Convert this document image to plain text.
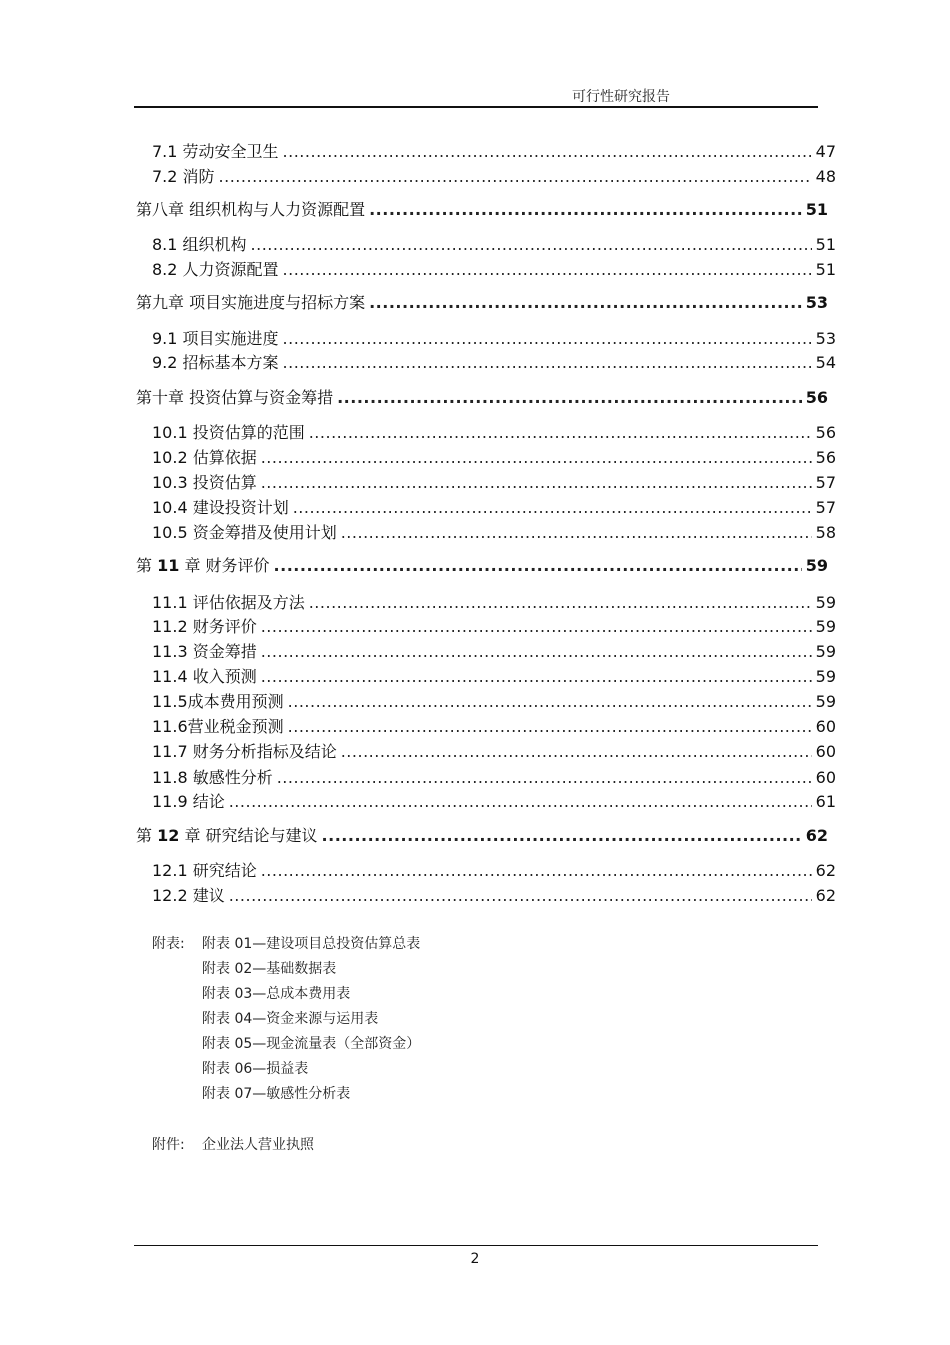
可行性研究报告
7.1 劳动安全卫生 .....	47
7.2 消防 .....	48
第八章 组织机构与人力资源配置 .....	51
8.1 组织机构 .....	51
8.2 人力资源配置 .....	51
第九章 项目实施进度与招标方案 .....	53
9.1 项目实施进度 .....	53
9.2 招标基本方案 .....	54
第十章 投资估算与资金筹措 .....	56
10.1 投资估算的范围 .....	56
10.2 估算依据 .....	56
10.3 投资估算 .....	57
10.4 建设投资计划 .....	57
10.5 资金筹措及使用计划 .....	58
第 11 章 财务评价 .....	59
11.1 评估依据及方法 .....	59
11.2 财务评价 .....	59
11.3 资金筹措 .....	59
11.4 收入预测 .....	59
11.5成本费用预测 .....	59
11.6营业税金预测 .....	60
11.7 财务分析指标及结论 .....	60
11.8 敏感性分析 .....	60
11.9 结论 .....	61
第 12 章 研究结论与建议 .....	62
12.1 研究结论 .....	62
12.2 建议 .....	62
附表: 附表 01—建设项目总投资估算总表
附表 02—基础数据表
附表 03—总成本费用表
附表 04—资金来源与运用表
附表 05—现金流量表（全部资金）
附表 06—损益表
附表 07—敏感性分析表
附件: 企业法人营业执照
2
